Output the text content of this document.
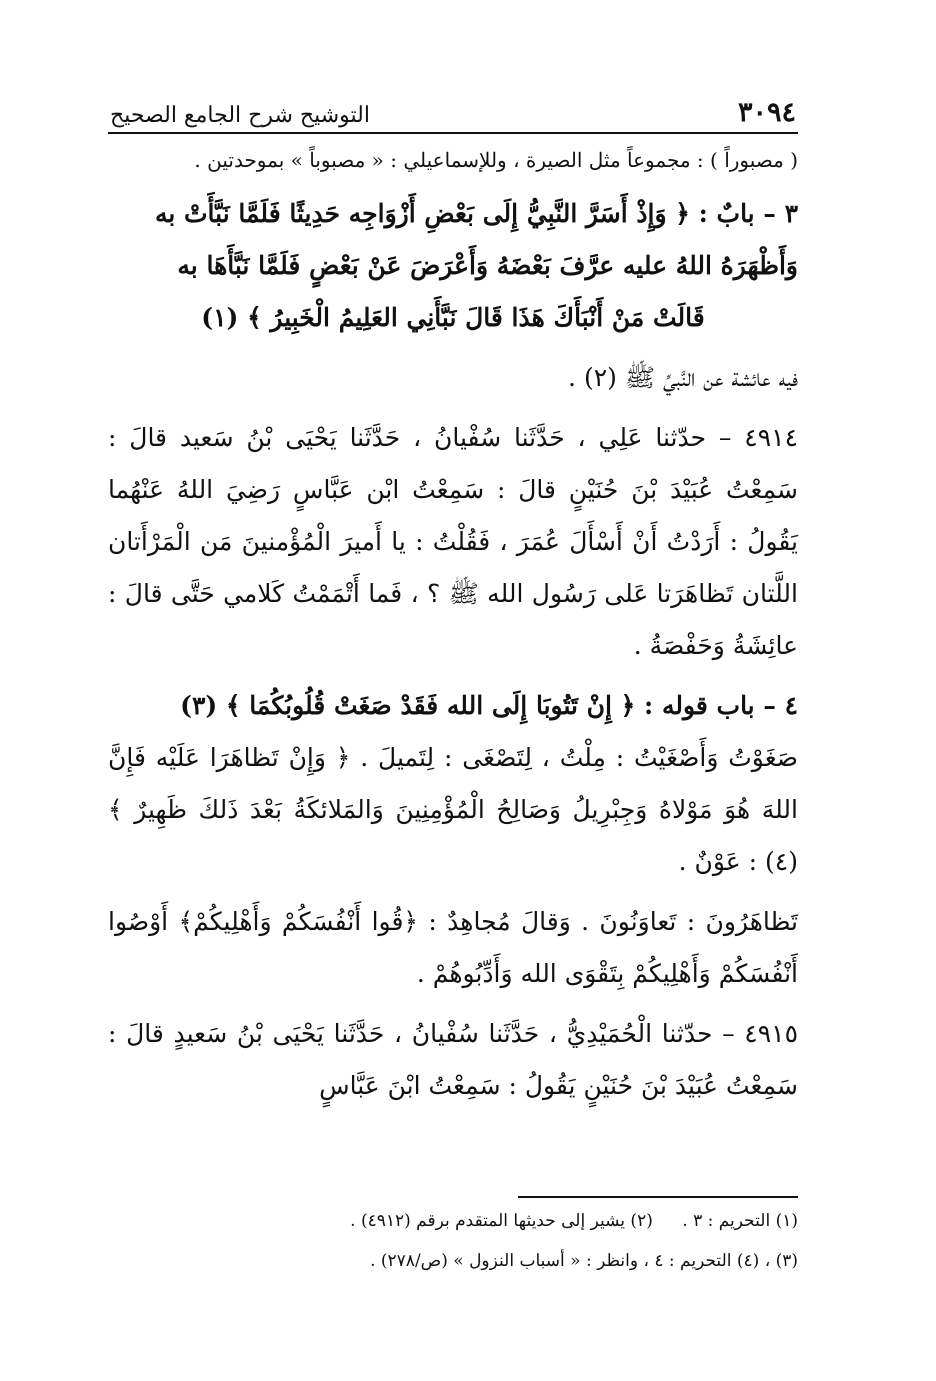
٣٠٩٤
التوشيح شرح الجامع الصحيح

( مصبوراً ) : مجموعاً مثل الصيرة ، وللإسماعيلي : « مصبوباً » بموحدتين .

٣ – بابٌ : ﴿ وَإِذْ أَسَرَّ النَّبِيُّ إِلَى بَعْضِ أَزْوَاجِه حَدِيثًا فَلَمَّا نَبَّأَتْ به

وَأَظْهَرَهُ اللهُ عليه عرَّفَ بَعْضَهُ وَأَعْرَضَ عَنْ بَعْضٍ فَلَمَّا نَبَّأَهَا به

قَالَتْ مَنْ أَنْبَأَكَ هَذَا قَالَ نَبَّأَنِي العَلِيمُ الْخَبِيرُ ﴾ (١)

فيه عائشة عن النَّبيِّ ﷺ (٢) .

٤٩١٤ – حدّثنا عَلِي ، حَدَّثَنا سُفْيانُ ، حَدَّثَنا يَحْيَى بْنُ سَعيد قالَ : سَمِعْتُ عُبَيْدَ بْنَ حُنَيْنٍ قالَ : سَمِعْتُ ابْن عَبَّاسٍ رَضِيَ اللهُ عَنْهُما يَقُولُ : أَرَدْتُ أَنْ أَسْأَلَ عُمَرَ ، فَقُلْتُ : يا أَميرَ الْمُؤْمنينَ مَن الْمَرْأَتان اللَّتان تَظاهَرَتا عَلى رَسُول الله ﷺ ؟ ، فَما أَتْمَمْتُ كَلامي حَتَّى قالَ : عائِشَةُ وَحَفْصَةُ .

٤ – باب قوله : ﴿ إِنْ تَتُوبَا إِلَى الله فَقَدْ صَغَتْ قُلُوبُكُمَا ﴾ (٣)

صَغَوْتُ وَأَصْغَيْتُ : مِلْتُ ، لِتَصْغَى : لِتَميلَ . ﴿ وَإِنْ تَظاهَرَا عَلَيْه فَإِنَّ اللهَ هُوَ مَوْلاهُ وَجِبْرِيلُ وَصَالِحُ الْمُؤْمِنِينَ وَالمَلائكَةُ بَعْدَ ذَلكَ ظَهِيرٌ ﴾ (٤) : عَوْنٌ .

تَظاهَرُونَ : تَعاوَنُونَ . وَقالَ مُجاهِدٌ : ﴿قُوا أَنْفُسَكُمْ وَأَهْلِيكُمْ﴾ أَوْصُوا أَنْفُسَكُمْ وَأَهْلِيكُمْ بِتَقْوَى الله وَأَدِّبُوهُمْ .

٤٩١٥ – حدّثنا الْحُمَيْدِيُّ ، حَدَّثَنا سُفْيانُ ، حَدَّثَنا يَحْيَى بْنُ سَعيدٍ قالَ : سَمِعْتُ عُبَيْدَ بْنَ حُنَيْنٍ يَقُولُ : سَمِعْتُ ابْنَ عَبَّاسٍ

(١) التحريم : ٣ . (٢) يشير إلى حديثها المتقدم برقم (٤٩١٢) .

(٣) ، (٤) التحريم : ٤ ، وانظر : « أسباب النزول » (ص/٢٧٨) .
